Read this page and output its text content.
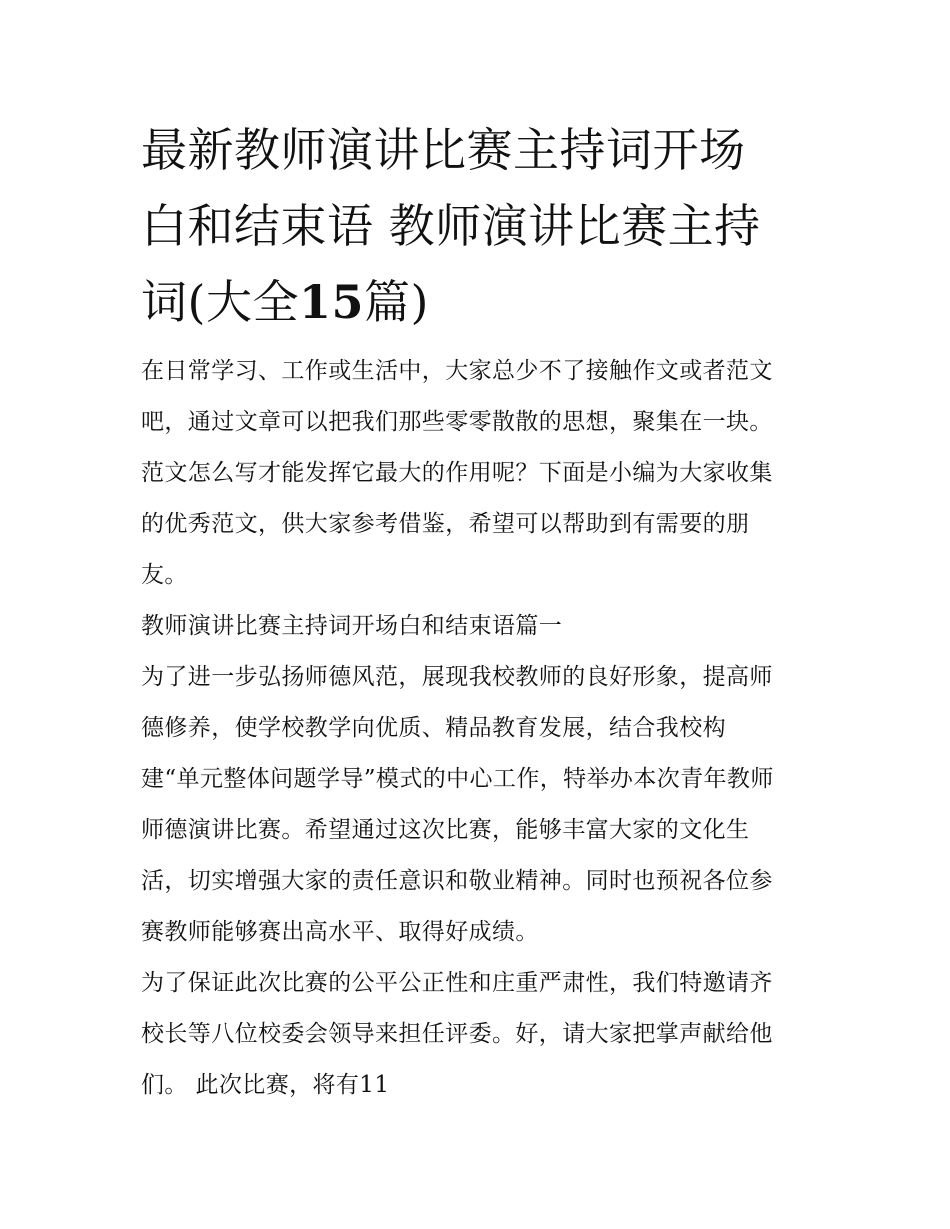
最新教师演讲比赛主持词开场
白和结束语 教师演讲比赛主持
词(大全15篇)

在日常学习、工作或生活中，大家总少不了接触作文或者范文
吧，通过文章可以把我们那些零零散散的思想，聚集在一块。
范文怎么写才能发挥它最大的作用呢？下面是小编为大家收集
的优秀范文，供大家参考借鉴，希望可以帮助到有需要的朋
友。

教师演讲比赛主持词开场白和结束语篇一

为了进一步弘扬师德风范，展现我校教师的良好形象，提高师
德修养，使学校教学向优质、精品教育发展，结合我校构
建“单元整体问题学导”模式的中心工作，特举办本次青年教师
师德演讲比赛。希望通过这次比赛，能够丰富大家的文化生
活，切实增强大家的责任意识和敬业精神。同时也预祝各位参
赛教师能够赛出高水平、取得好成绩。

为了保证此次比赛的公平公正性和庄重严肃性，我们特邀请齐
校长等八位校委会领导来担任评委。好，请大家把掌声献给他
们。 此次比赛，将有11
